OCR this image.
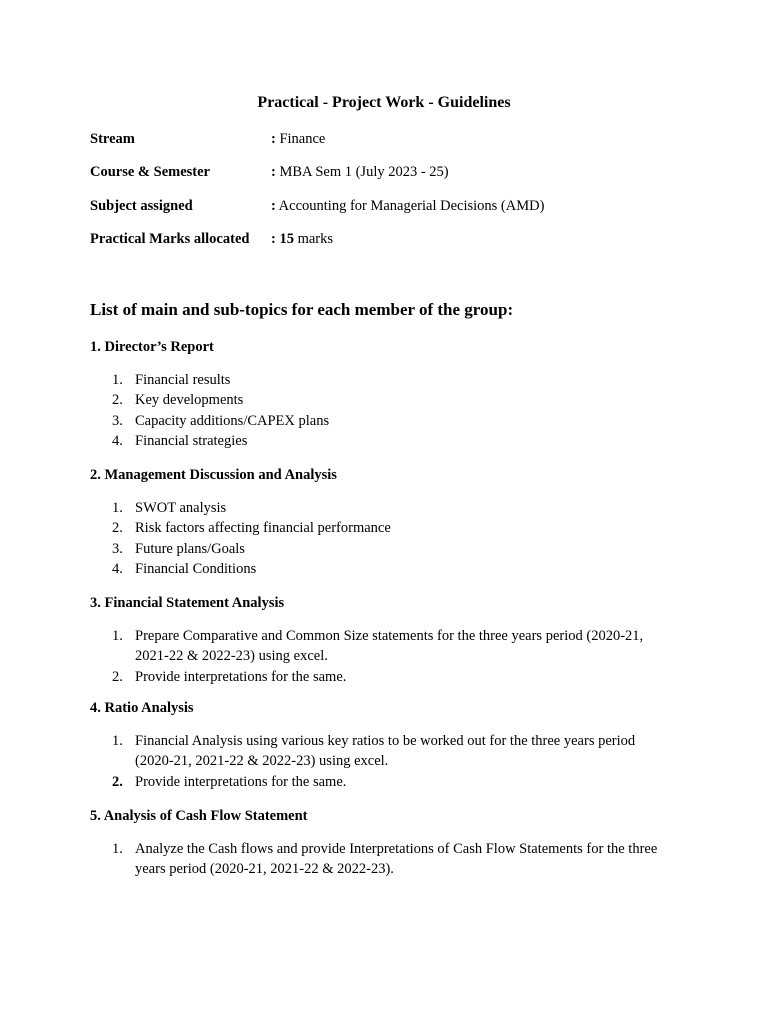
Practical - Project Work - Guidelines
Stream	: Finance
Course & Semester	: MBA Sem 1 (July 2023 - 25)
Subject assigned	: Accounting for Managerial Decisions (AMD)
Practical Marks allocated : 15 marks
List of main and sub-topics for each member of the group:

1. Director’s Report

1. Financial results
2. Key developments
3. Capacity additions/CAPEX plans
4. Financial strategies

2. Management Discussion and Analysis

1. SWOT analysis
2. Risk factors affecting financial performance
3. Future plans/Goals
4. Financial Conditions

3. Financial Statement Analysis

1. Prepare Comparative and Common Size statements for the three years period (2020-21, 2021-22 & 2022-23) using excel.
2. Provide interpretations for the same.

4. Ratio Analysis

1. Financial Analysis using various key ratios to be worked out for the three years period (2020-21, 2021-22 & 2022-23) using excel.
2. Provide interpretations for the same.

5. Analysis of Cash Flow Statement

1. Analyze the Cash flows and provide Interpretations of Cash Flow Statements for the three years period (2020-21, 2021-22 & 2022-23).
